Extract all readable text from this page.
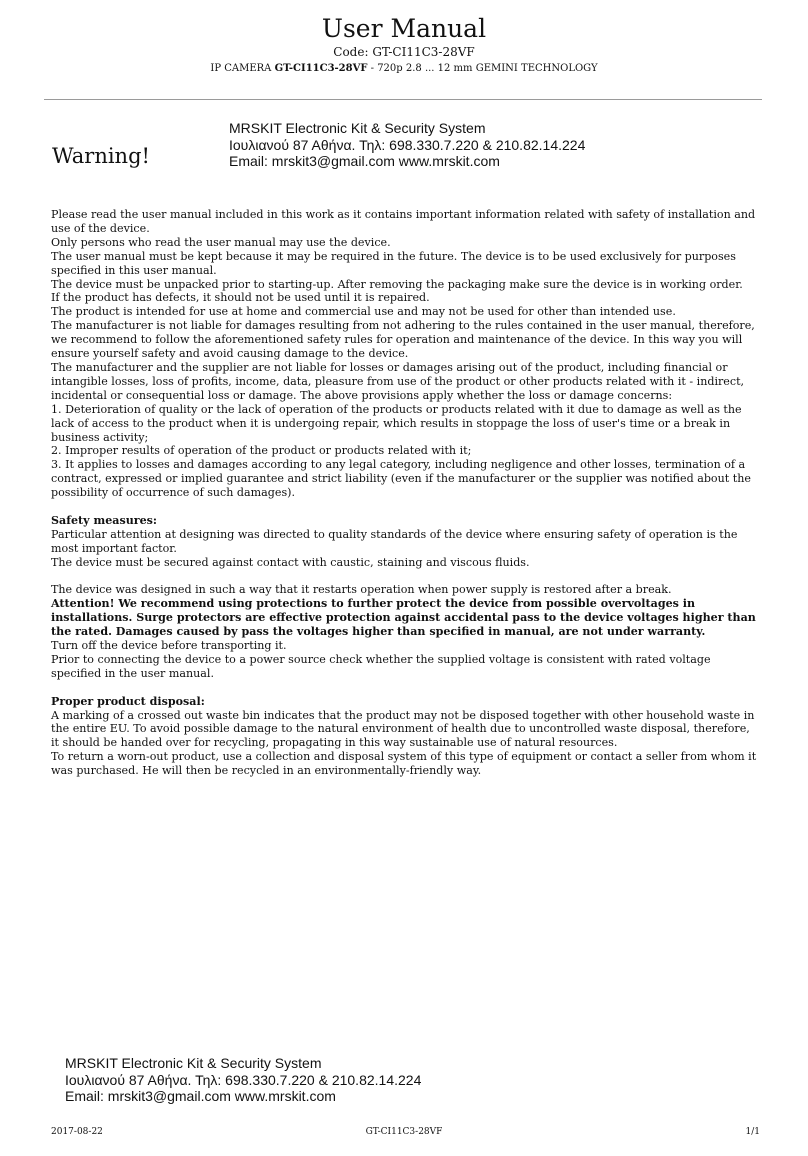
User Manual
Code: GT-CI11C3-28VF
IP CAMERA GT-CI11C3-28VF - 720p 2.8 ... 12 mm GEMINI TECHNOLOGY
Warning!
MRSKIT Electronic Kit & Security System
Ιουλιανού 87 Αθήνα. Τηλ: 698.330.7.220 & 210.82.14.224
Email: mrskit3@gmail.com www.mrskit.com

Please read the user manual included in this work as it contains important information related with safety of installation and use of the device.

Only persons who read the user manual may use the device.

The user manual must be kept because it may be required in the future. The device is to be used exclusively for purposes specified in this user manual.

The device must be unpacked prior to starting-up. After removing the packaging make sure the device is in working order.

If the product has defects, it should not be used until it is repaired.

The product is intended for use at home and commercial use and may not be used for other than intended use.

The manufacturer is not liable for damages resulting from not adhering to the rules contained in the user manual, therefore, we recommend to follow the aforementioned safety rules for operation and maintenance of the device. In this way you will ensure yourself safety and avoid causing damage to the device.

The manufacturer and the supplier are not liable for losses or damages arising out of the product, including financial or intangible losses, loss of profits, income, data, pleasure from use of the product or other products related with it - indirect, incidental or consequential loss or damage. The above provisions apply whether the loss or damage concerns:

1. Deterioration of quality or the lack of operation of the products or products related with it due to damage as well as the lack of access to the product when it is undergoing repair, which results in stoppage the loss of user's time or a break in business activity;

2. Improper results of operation of the product or products related with it;

3. It applies to losses and damages according to any legal category, including negligence and other losses, termination of a contract, expressed or implied guarantee and strict liability (even if the manufacturer or the supplier was notified about the possibility of occurrence of such damages).

Safety measures:

Particular attention at designing was directed to quality standards of the device where ensuring safety of operation is the most important factor.

The device must be secured against contact with caustic, staining and viscous fluids.

The device was designed in such a way that it restarts operation when power supply is restored after a break.

Attention! We recommend using protections to further protect the device from possible overvoltages in installations. Surge protectors are effective protection against accidental pass to the device voltages higher than the rated. Damages caused by pass the voltages higher than specified in manual, are not under warranty.

Turn off the device before transporting it.

Prior to connecting the device to a power source check whether the supplied voltage is consistent with rated voltage specified in the user manual.

Proper product disposal:

A marking of a crossed out waste bin indicates that the product may not be disposed together with other household waste in the entire EU. To avoid possible damage to the natural environment of health due to uncontrolled waste disposal, therefore, it should be handed over for recycling, propagating in this way sustainable use of natural resources.

To return a worn-out product, use a collection and disposal system of this type of equipment or contact a seller from whom it was purchased. He will then be recycled in an environmentally-friendly way.

MRSKIT Electronic Kit & Security System
Ιουλιανού 87 Αθήνα. Τηλ: 698.330.7.220 & 210.82.14.224
Email: mrskit3@gmail.com www.mrskit.com
2017-08-22	GT-CI11C3-28VF	1/1
